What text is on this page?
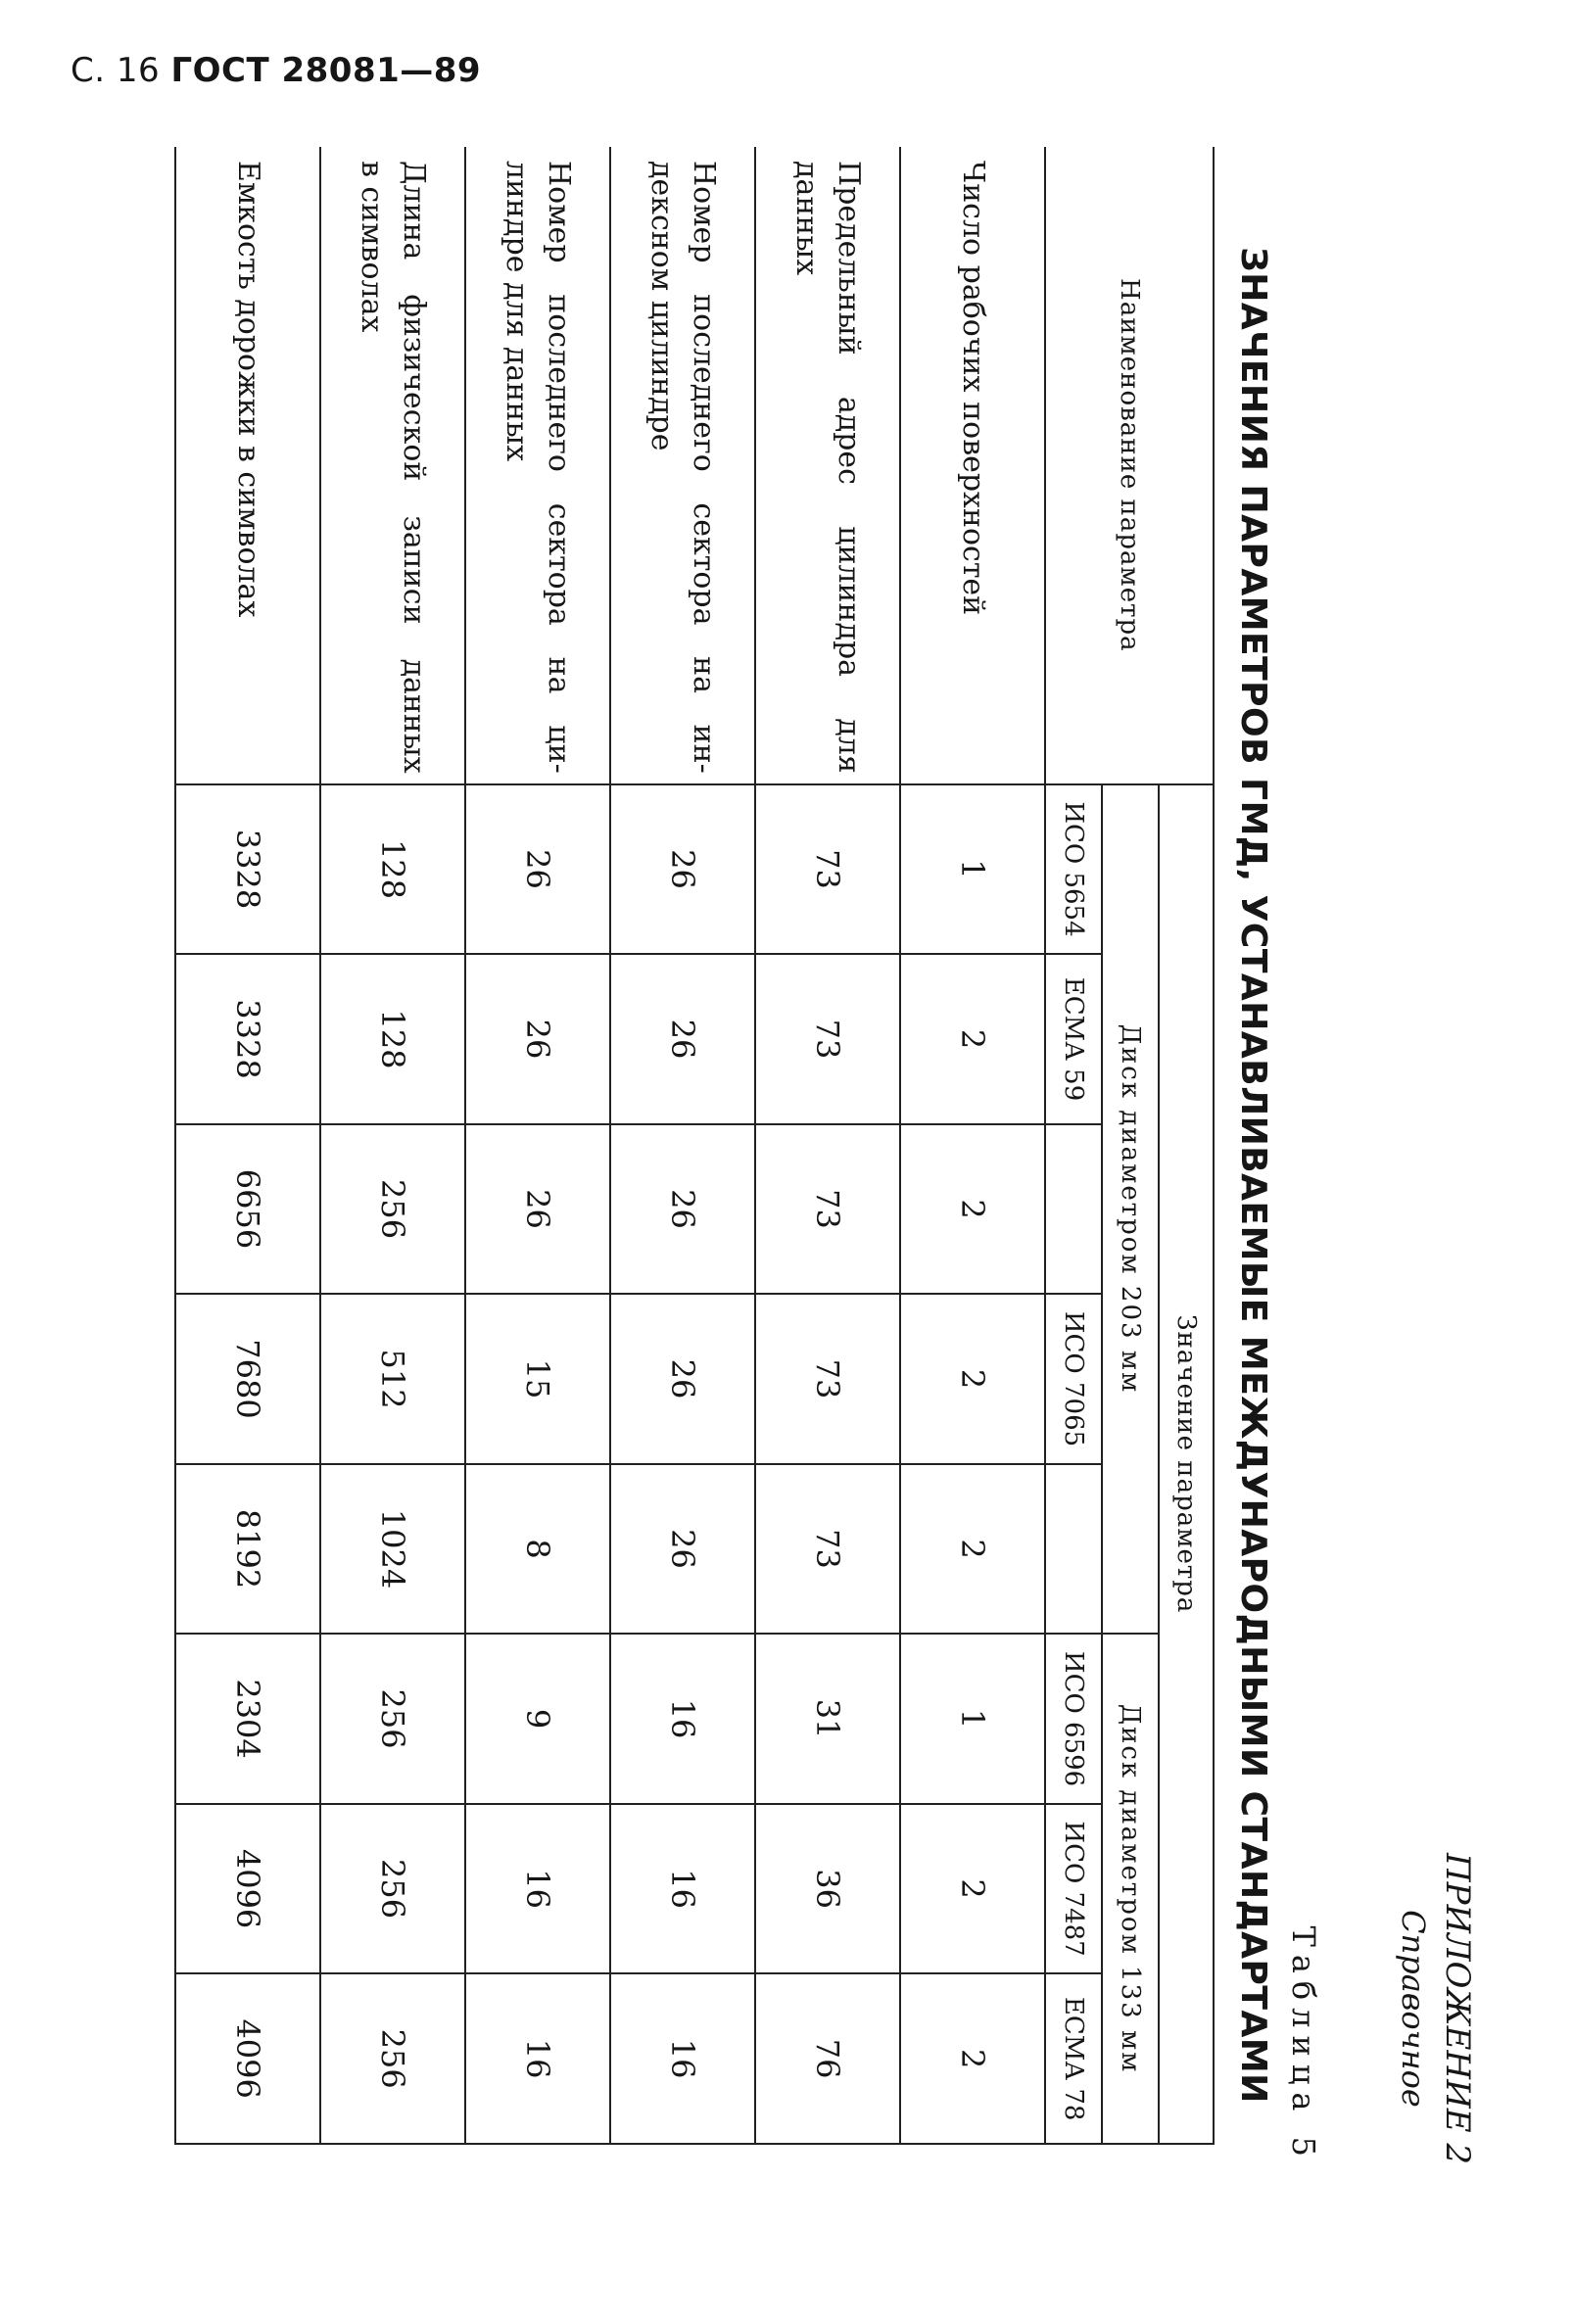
С. 16 ГОСТ 28081—89
ПРИЛОЖЕНИЕ 2
Справочное
Таблица 5
ЗНАЧЕНИЯ ПАРАМЕТРОВ ГМД, УСТАНАВЛИВАЕМЫЕ МЕЖДУНАРОДНЫМИ СТАНДАРТАМИ
Наименование параметра	Значение параметра							
	Диск диаметром 203 мм					Диск диаметром 133 мм		
	ИСО 5654	ЕСМА 59		ИСО 7065		ИСО 6596	ИСО 7487	ЕСМА 78
Число рабочих поверхностей	1	2	2	2	2	1	2	2

Предельный адрес цилиндра для
данных	73	73	73	73	73	31	36	76

Номер последнего сектора на ин-
дексном цилиндре	26	26	26	26	26	16	16	16

Номер последнего сектора на ци-
линдре для данных	26	26	26	15	8	9	16	16

Длина физической записи данных
в символах	128	128	256	512	1024	256	256	256
Емкость дорожки в символах	3328	3328	6656	7680	8192	2304	4096	4096
